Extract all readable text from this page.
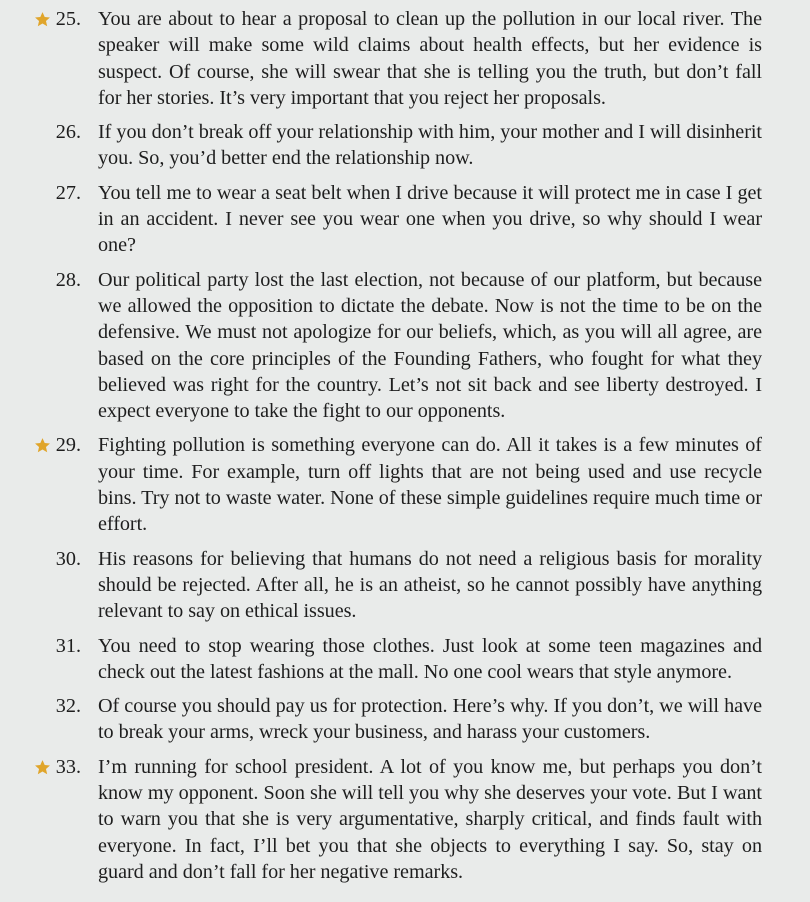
25. You are about to hear a proposal to clean up the pollution in our local river. The speaker will make some wild claims about health effects, but her evidence is suspect. Of course, she will swear that she is telling you the truth, but don’t fall for her stories. It’s very important that you reject her proposals.
26. If you don’t break off your relationship with him, your mother and I will disinherit you. So, you’d better end the relationship now.
27. You tell me to wear a seat belt when I drive because it will protect me in case I get in an accident. I never see you wear one when you drive, so why should I wear one?
28. Our political party lost the last election, not because of our platform, but because we allowed the opposition to dictate the debate. Now is not the time to be on the defensive. We must not apologize for our beliefs, which, as you will all agree, are based on the core principles of the Founding Fathers, who fought for what they believed was right for the country. Let’s not sit back and see liberty destroyed. I expect everyone to take the fight to our opponents.
29. Fighting pollution is something everyone can do. All it takes is a few minutes of your time. For example, turn off lights that are not being used and use recycle bins. Try not to waste water. None of these simple guidelines require much time or effort.
30. His reasons for believing that humans do not need a religious basis for morality should be rejected. After all, he is an atheist, so he cannot possibly have anything relevant to say on ethical issues.
31. You need to stop wearing those clothes. Just look at some teen magazines and check out the latest fashions at the mall. No one cool wears that style anymore.
32. Of course you should pay us for protection. Here’s why. If you don’t, we will have to break your arms, wreck your business, and harass your customers.
33. I’m running for school president. A lot of you know me, but perhaps you don’t know my opponent. Soon she will tell you why she deserves your vote. But I want to warn you that she is very argumentative, sharply critical, and finds fault with everyone. In fact, I’ll bet you that she objects to everything I say. So, stay on guard and don’t fall for her negative remarks.
